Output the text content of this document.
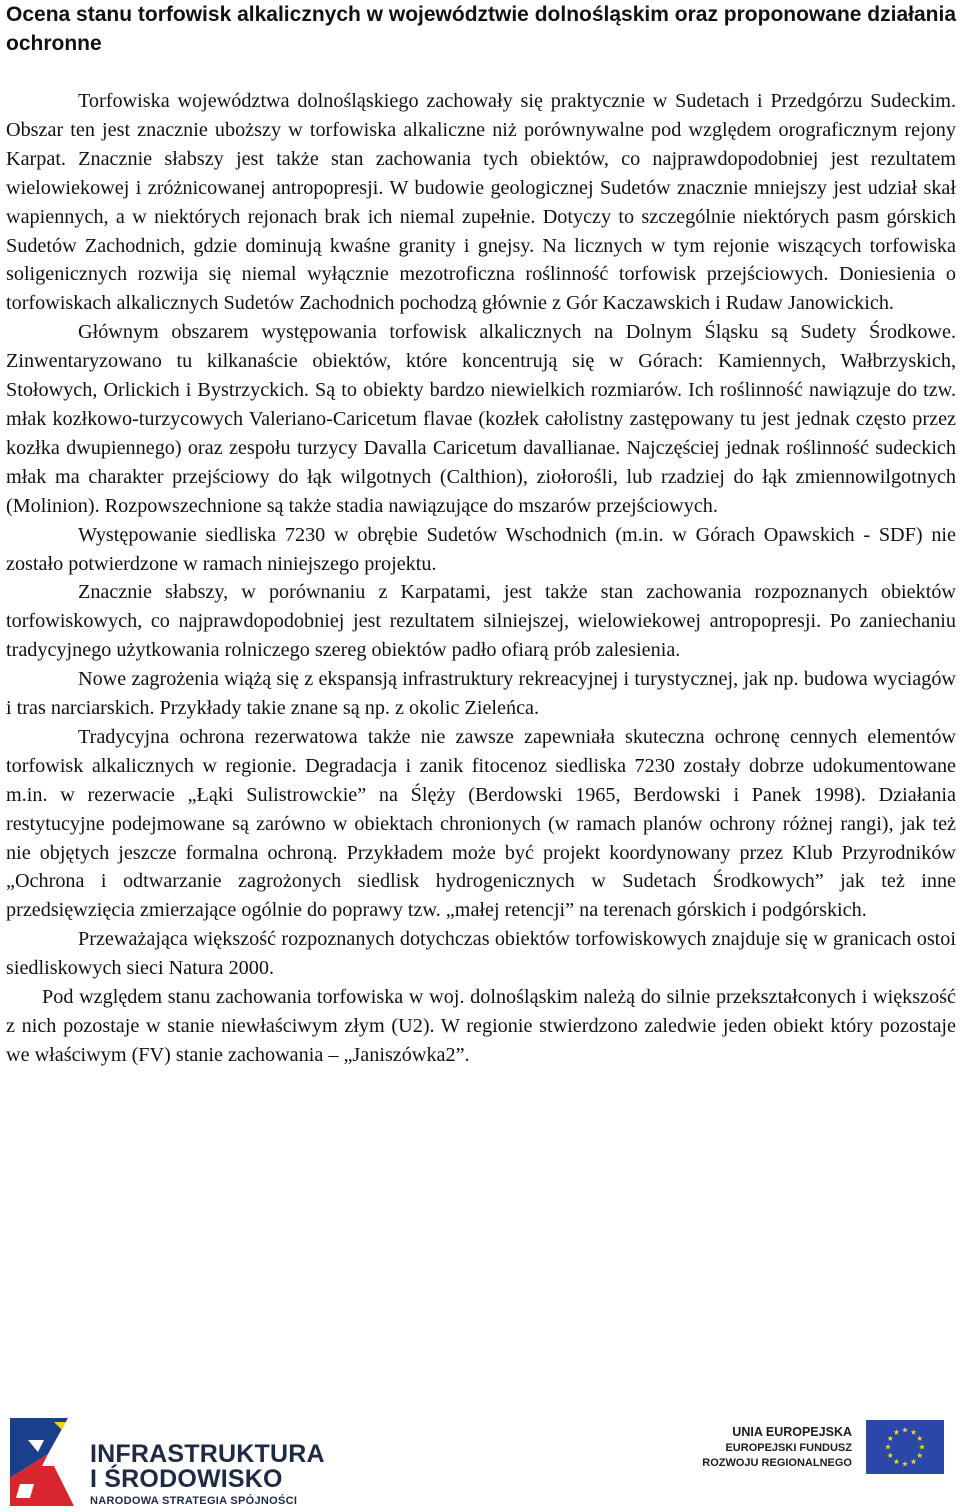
Ocena stanu torfowisk alkalicznych w województwie dolnośląskim oraz proponowane działania ochronne

Torfowiska województwa dolnośląskiego zachowały się praktycznie w Sudetach i Przedgórzu Sudeckim. Obszar ten jest znacznie uboższy w torfowiska alkaliczne niż porównywalne pod względem orograficznym rejony Karpat. Znacznie słabszy jest także stan zachowania tych obiektów, co najprawdopodobniej jest rezultatem wielowiekowej i zróżnicowanej antropopresji. W budowie geologicznej Sudetów znacznie mniejszy jest udział skał wapiennych, a w niektórych rejonach brak ich niemal zupełnie. Dotyczy to szczególnie niektórych pasm górskich Sudetów Zachodnich, gdzie dominują kwaśne granity i gnejsy. Na licznych w tym rejonie wiszących torfowiska soligenicznych rozwija się niemal wyłącznie mezotroficzna roślinność torfowisk przejściowych. Doniesienia o torfowiskach alkalicznych Sudetów Zachodnich pochodzą głównie z Gór Kaczawskich i Rudaw Janowickich.

Głównym obszarem występowania torfowisk alkalicznych na Dolnym Śląsku są Sudety Środkowe. Zinwentaryzowano tu kilkanaście obiektów, które koncentrują się w Górach: Kamiennych, Wałbrzyskich, Stołowych, Orlickich i Bystrzyckich. Są to obiekty bardzo niewielkich rozmiarów. Ich roślinność nawiązuje do tzw. młak kozłkowo-turzycowych Valeriano-Caricetum flavae (kozłek całolistny zastępowany tu jest jednak często przez kozłka dwupiennego) oraz zespołu turzycy Davalla Caricetum davallianae. Najczęściej jednak roślinność sudeckich młak ma charakter przejściowy do łąk wilgotnych (Calthion), ziołorośli, lub rzadziej do łąk zmiennowilgotnych (Molinion). Rozpowszechnione są także stadia nawiązujące do mszarów przejściowych.

Występowanie siedliska 7230 w obrębie Sudetów Wschodnich (m.in. w Górach Opawskich - SDF) nie zostało potwierdzone w ramach niniejszego projektu.

Znacznie słabszy, w porównaniu z Karpatami, jest także stan zachowania rozpoznanych obiektów torfowiskowych, co najprawdopodobniej jest rezultatem silniejszej, wielowiekowej antropopresji. Po zaniechaniu tradycyjnego użytkowania rolniczego szereg obiektów padło ofiarą prób zalesienia.

Nowe zagrożenia wiążą się z ekspansją infrastruktury rekreacyjnej i turystycznej, jak np. budowa wyciagów i tras narciarskich. Przykłady takie znane są np. z okolic Zieleńca.

Tradycyjna ochrona rezerwatowa także nie zawsze zapewniała skuteczna ochronę cennych elementów torfowisk alkalicznych w regionie. Degradacja i zanik fitocenoz siedliska 7230 zostały dobrze udokumentowane m.in. w rezerwacie „Łąki Sulistrowckie” na Ślęży (Berdowski 1965, Berdowski i Panek 1998). Działania restytucyjne podejmowane są zarówno w obiektach chronionych (w ramach planów ochrony różnej rangi), jak też nie objętych jeszcze formalna ochroną. Przykładem może być projekt koordynowany przez Klub Przyrodników „Ochrona i odtwarzanie zagrożonych siedlisk hydrogenicznych w Sudetach Środkowych” jak też inne przedsięwzięcia zmierzające ogólnie do poprawy tzw. „małej retencji” na terenach górskich i podgórskich.

Przeważająca większość rozpoznanych dotychczas obiektów torfowiskowych znajduje się w granicach ostoi siedliskowych sieci Natura 2000.

Pod względem stanu zachowania torfowiska w woj. dolnośląskim należą do silnie przekształconych i większość z nich pozostaje w stanie niewłaściwym złym (U2). W regionie stwierdzono zaledwie jeden obiekt który pozostaje we właściwym (FV) stanie zachowania – „Janiszówka2”.

INFRASTRUKTURA
I ŚRODOWISKO
NARODOWA STRATEGIA SPÓJNOŚCI
UNIA EUROPEJSKA
EUROPEJSKI FUNDUSZ
ROZWOJU REGIONALNEGO
